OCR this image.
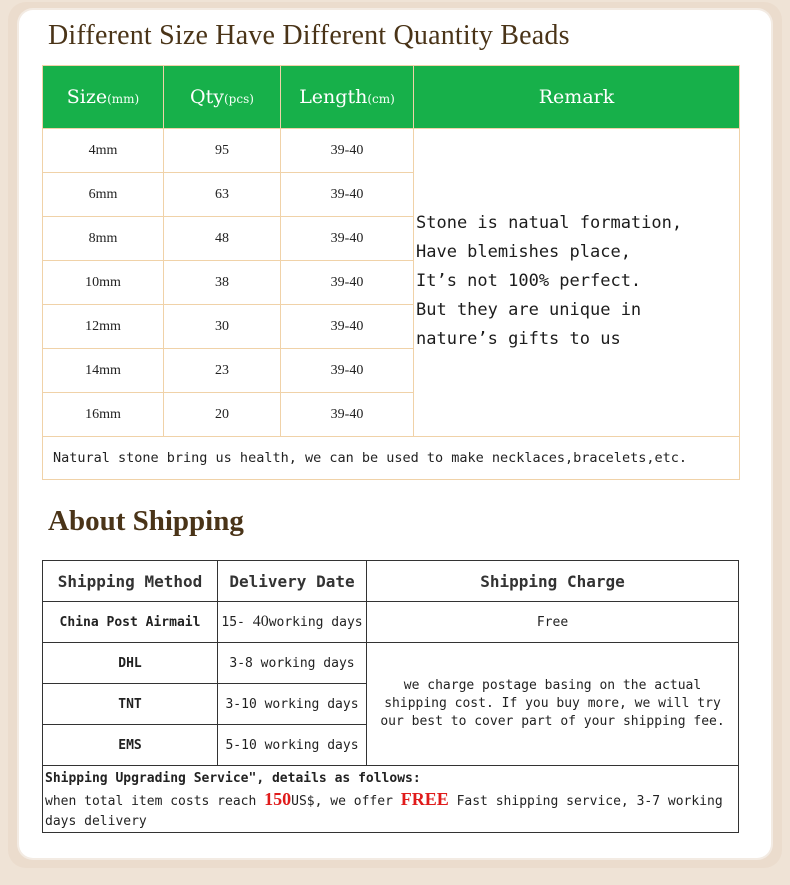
Different Size Have Different Quantity Beads
Size(mm)	Qty(pcs)	Length(cm)	Remark
4mm	95	39-40	Stone is natual formation,
Have blemishes place,
It’s not 100% perfect.
But they are unique in
nature’s gifts to us

6mm	63	39-40	
8mm	48	39-40	
10mm	38	39-40	
12mm	30	39-40	
14mm	23	39-40	
16mm	20	39-40	
Natural stone bring us health, we can be used to make necklaces,bracelets,etc.			
About Shipping
Shipping Method	Delivery Date	Shipping Charge
China Post Airmail	15- 40working days	Free
DHL	3-8 working days	we charge postage basing on the actual shipping cost. If you buy more, we will try our best to cover part of your shipping fee.
TNT	3-10 working days	
EMS	5-10 working days	

Shipping Upgrading Service", details as follows:
when total item costs reach 150US$, we offer FREE Fast shipping service, 3-7 working days delivery		
